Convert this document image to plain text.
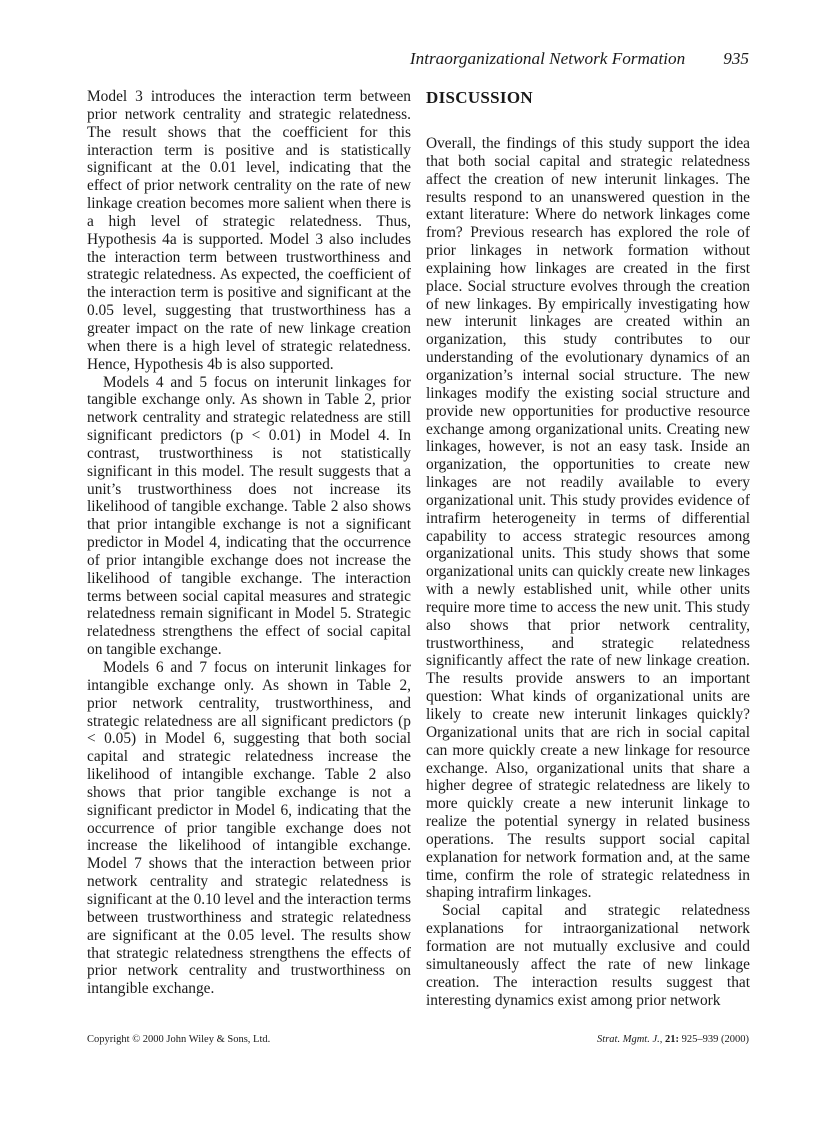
Intraorganizational Network Formation 935

Model 3 introduces the interaction term between prior network centrality and strategic relatedness. The result shows that the coefficient for this interaction term is positive and is statistically significant at the 0.01 level, indicating that the effect of prior network centrality on the rate of new linkage creation becomes more salient when there is a high level of strategic relatedness. Thus, Hypothesis 4a is supported. Model 3 also includes the interaction term between trustworthiness and strategic relatedness. As expected, the coefficient of the interaction term is positive and significant at the 0.05 level, suggesting that trustworthiness has a greater impact on the rate of new linkage creation when there is a high level of strategic relatedness. Hence, Hypothesis 4b is also supported.

Models 4 and 5 focus on interunit linkages for tangible exchange only. As shown in Table 2, prior network centrality and strategic relatedness are still significant predictors (p < 0.01) in Model 4. In contrast, trustworthiness is not statistically significant in this model. The result suggests that a unit’s trustworthiness does not increase its likelihood of tangible exchange. Table 2 also shows that prior intangible exchange is not a significant predictor in Model 4, indicating that the occurrence of prior intangible exchange does not increase the likelihood of tangible exchange. The interaction terms between social capital measures and strategic relatedness remain significant in Model 5. Strategic relatedness strengthens the effect of social capital on tangible exchange.

Models 6 and 7 focus on interunit linkages for intangible exchange only. As shown in Table 2, prior network centrality, trustworthiness, and strategic relatedness are all significant predictors (p < 0.05) in Model 6, suggesting that both social capital and strategic relatedness increase the likelihood of intangible exchange. Table 2 also shows that prior tangible exchange is not a significant predictor in Model 6, indicating that the occurrence of prior tangible exchange does not increase the likelihood of intangible exchange. Model 7 shows that the interaction between prior network centrality and strategic relatedness is significant at the 0.10 level and the interaction terms between trustworthiness and strategic relatedness are significant at the 0.05 level. The results show that strategic relatedness strengthens the effects of prior network centrality and trustworthiness on intangible exchange.

DISCUSSION

Overall, the findings of this study support the idea that both social capital and strategic relatedness affect the creation of new interunit linkages. The results respond to an unanswered question in the extant literature: Where do network linkages come from? Previous research has explored the role of prior linkages in network formation without explaining how linkages are created in the first place. Social structure evolves through the creation of new linkages. By empirically investigating how new interunit linkages are created within an organization, this study contributes to our understanding of the evolutionary dynamics of an organization’s internal social structure. The new linkages modify the existing social structure and provide new opportunities for productive resource exchange among organizational units. Creating new linkages, however, is not an easy task. Inside an organization, the opportunities to create new linkages are not readily available to every organizational unit. This study provides evidence of intrafirm heterogeneity in terms of differential capability to access strategic resources among organizational units. This study shows that some organizational units can quickly create new linkages with a newly established unit, while other units require more time to access the new unit. This study also shows that prior network centrality, trustworthiness, and strategic relatedness significantly affect the rate of new linkage creation. The results provide answers to an important question: What kinds of organizational units are likely to create new interunit linkages quickly? Organizational units that are rich in social capital can more quickly create a new linkage for resource exchange. Also, organizational units that share a higher degree of strategic relatedness are likely to more quickly create a new interunit linkage to realize the potential synergy in related business operations. The results support social capital explanation for network formation and, at the same time, confirm the role of strategic relatedness in shaping intrafirm linkages.

Social capital and strategic relatedness explanations for intraorganizational network formation are not mutually exclusive and could simultaneously affect the rate of new linkage creation. The interaction results suggest that interesting dynamics exist among prior network

Copyright © 2000 John Wiley & Sons, Ltd.	Strat. Mgmt. J., 21: 925–939 (2000)
